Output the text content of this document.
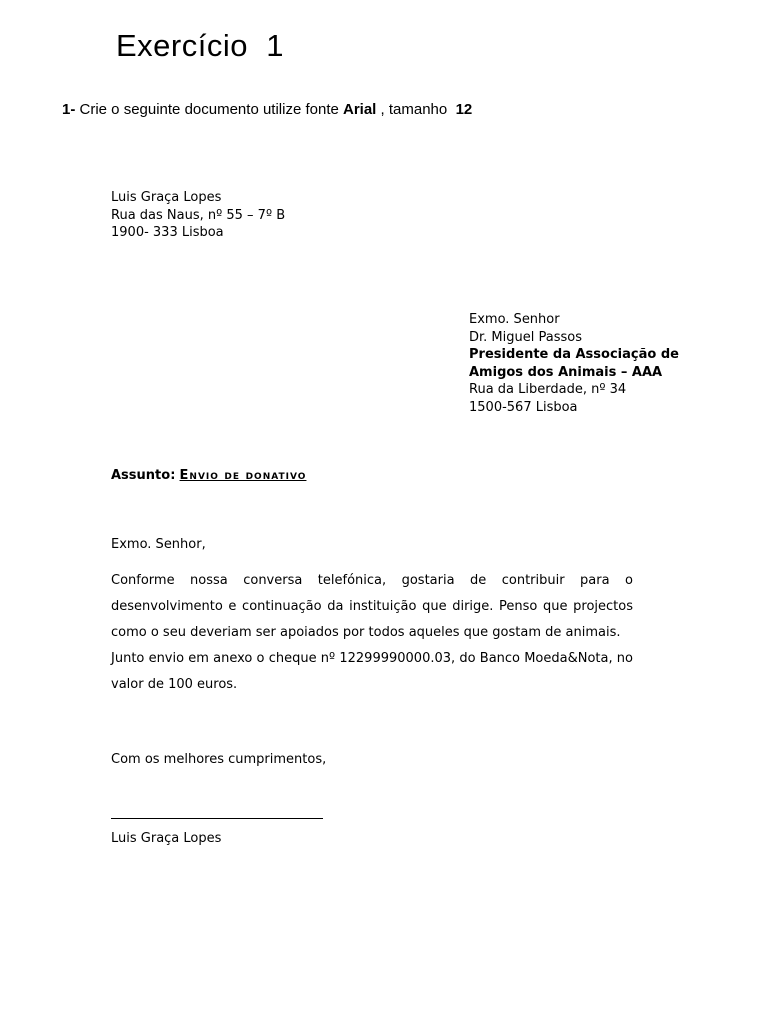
Exercício  1
1- Crie o seguinte documento utilize fonte Arial , tamanho  12
Luis Graça Lopes
Rua das Naus, nº 55 – 7º B
1900- 333 Lisboa
Exmo. Senhor
Dr. Miguel Passos
Presidente da Associação de
Amigos dos Animais – AAA
Rua da Liberdade, nº 34
1500-567 Lisboa
Assunto: Envio de donativo
Exmo. Senhor,

Conforme nossa conversa telefónica, gostaria de contribuir para o desenvolvimento e continuação da instituição que dirige. Penso que projectos como o seu deveriam ser apoiados por todos aqueles que gostam de animais.

Junto envio em anexo o cheque nº 12299990000.03, do Banco Moeda&Nota, no valor de 100 euros.

Com os melhores cumprimentos,
Luis Graça Lopes
